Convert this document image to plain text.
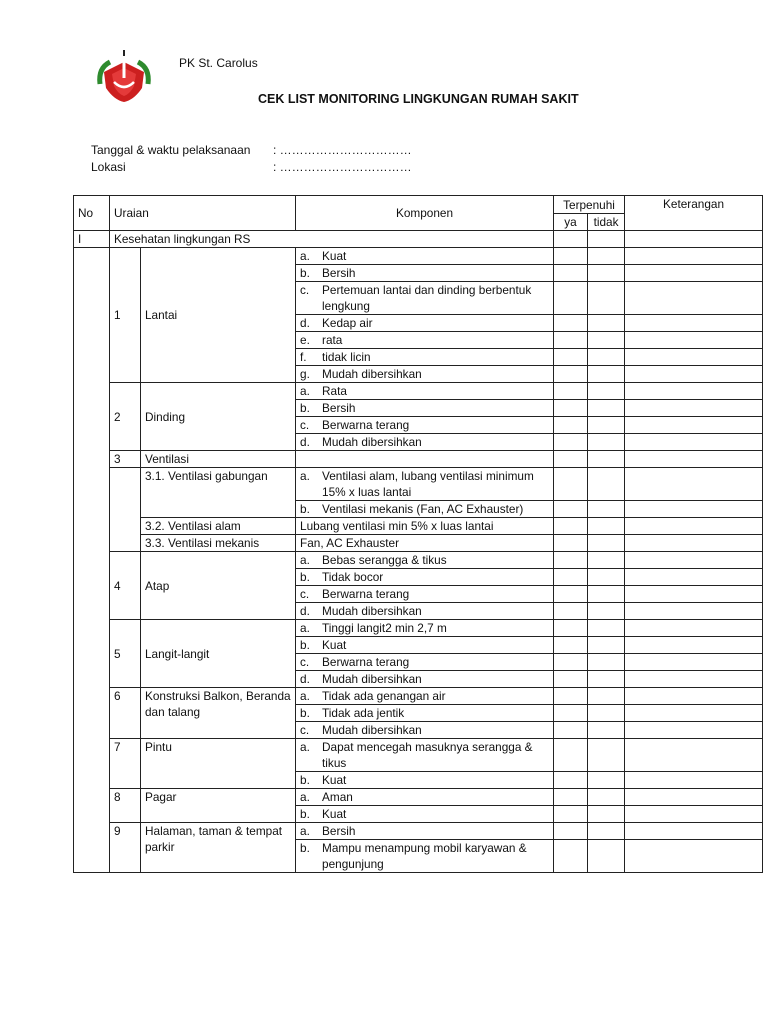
PK St. Carolus
CEK LIST MONITORING LINGKUNGAN RUMAH SAKIT
Tanggal & waktu pelaksanaan : ……………………………
Lokasi	: ……………………………
No	Uraian		Komponen	Terpenuhi		Keterangan
				ya	tidak	
I	Kesehatan lingkungan RS					
	1	Lantai	a. Kuat			
			b. Bersih			
			c. Pertemuan lantai dan dinding berbentuk lengkung			
			d. Kedap air			
			e. rata			
			f. tidak licin			
			g. Mudah dibersihkan			
	2	Dinding	a. Rata			
			b. Bersih			
			c. Berwarna terang			
			d. Mudah dibersihkan			
	3	Ventilasi				
		3.1. Ventilasi gabungan	a. Ventilasi alam, lubang ventilasi minimum 15% x luas lantai			
			b. Ventilasi mekanis (Fan, AC Exhauster)			
		3.2. Ventilasi alam	Lubang ventilasi min 5% x luas lantai			
		3.3. Ventilasi mekanis	Fan, AC Exhauster			
	4	Atap	a. Bebas serangga & tikus			
			b. Tidak bocor			
			c. Berwarna terang			
			d. Mudah dibersihkan			
	5	Langit-langit	a. Tinggi langit2 min 2,7 m			
			b. Kuat			
			c. Berwarna terang			
			d. Mudah dibersihkan			
	6	Konstruksi Balkon, Beranda dan talang	a. Tidak ada genangan air			
			b. Tidak ada jentik			
			c. Mudah dibersihkan			
	7	Pintu	a. Dapat mencegah masuknya serangga & tikus			
			b. Kuat			
	8	Pagar	a. Aman			
			b. Kuat			
	9	Halaman, taman & tempat parkir	a. Bersih			
			b. Mampu menampung mobil karyawan & pengunjung			
